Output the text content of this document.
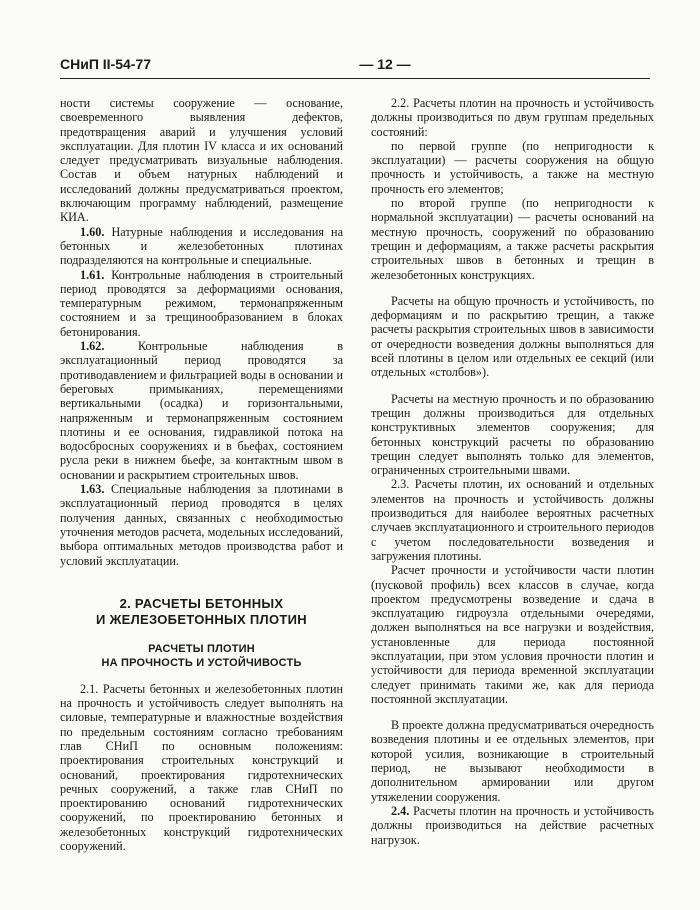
СНиП II-54-77	— 12 —

ности системы сооружение — основание, своевременного выявления дефектов, предотвращения аварий и улучшения условий эксплуатации. Для плотин IV класса и их оснований следует предусматривать визуальные наблюдения. Состав и объем натурных наблюдений и исследований должны предусматриваться проектом, включающим программу наблюдений, размещение КИА.

1.60. Натурные наблюдения и исследования на бетонных и железобетонных плотинах подразделяются на контрольные и специальные.

1.61. Контрольные наблюдения в строительный период проводятся за деформациями основания, температурным режимом, термонапряженным состоянием и за трещинообразованием в блоках бетонирования.

1.62. Контрольные наблюдения в эксплуатационный период проводятся за противодавлением и фильтрацией воды в основании и береговых примыканиях, перемещениями вертикальными (осадка) и горизонтальными, напряженным и термонапряженным состоянием плотины и ее основания, гидравликой потока на водосбросных сооружениях и в бьефах, состоянием русла реки в нижнем бьефе, за контактным швом в основании и раскрытием строительных швов.

1.63. Специальные наблюдения за плотинами в эксплуатационный период проводятся в целях получения данных, связанных с необходимостью уточнения методов расчета, модельных исследований, выбора оптимальных методов производства работ и условий эксплуатации.

2. РАСЧЕТЫ БЕТОННЫХ
И ЖЕЛЕЗОБЕТОННЫХ ПЛОТИН
РАСЧЕТЫ ПЛОТИН
НА ПРОЧНОСТЬ И УСТОЙЧИВОСТЬ

2.1. Расчеты бетонных и железобетонных плотин на прочность и устойчивость следует выполнять на силовые, температурные и влажностные воздействия по предельным состояниям согласно требованиям глав СНиП по основным положениям: проектирования строительных конструкций и оснований, проектирования гидротехнических речных сооружений, а также глав СНиП по проектированию оснований гидротехнических сооружений, по проектированию бетонных и железобетонных конструкций гидротехнических сооружений.

2.2. Расчеты плотин на прочность и устойчивость должны производиться по двум группам предельных состояний:

по первой группе (по непригодности к эксплуатации) — расчеты сооружения на общую прочность и устойчивость, а также на местную прочность его элементов;

по второй группе (по непригодности к нормальной эксплуатации) — расчеты оснований на местную прочность, сооружений по образованию трещин и деформациям, а также расчеты раскрытия строительных швов в бетонных и трещин в железобетонных конструкциях.

Расчеты на общую прочность и устойчивость, по деформациям и по раскрытию трещин, а также расчеты раскрытия строительных швов в зависимости от очередности возведения должны выполняться для всей плотины в целом или отдельных ее секций (или отдельных «столбов»).

Расчеты на местную прочность и по образованию трещин должны производиться для отдельных конструктивных элементов сооружения; для бетонных конструкций расчеты по образованию трещин следует выполнять только для элементов, ограниченных строительными швами.

2.3. Расчеты плотин, их оснований и отдельных элементов на прочность и устойчивость должны производиться для наиболее вероятных расчетных случаев эксплуатационного и строительного периодов с учетом последовательности возведения и загружения плотины.

Расчет прочности и устойчивости части плотин (пусковой профиль) всех классов в случае, когда проектом предусмотрены возведение и сдача в эксплуатацию гидроузла отдельными очередями, должен выполняться на все нагрузки и воздействия, установленные для периода постоянной эксплуатации, при этом условия прочности плотин и устойчивости для периода временной эксплуатации следует принимать такими же, как для периода постоянной эксплуатации.

В проекте должна предусматриваться очередность возведения плотины и ее отдельных элементов, при которой усилия, возникающие в строительный период, не вызывают необходимости в дополнительном армировании или другом утяжелении сооружения.

2.4. Расчеты плотин на прочность и устойчивость должны производиться на действие расчетных нагрузок.
